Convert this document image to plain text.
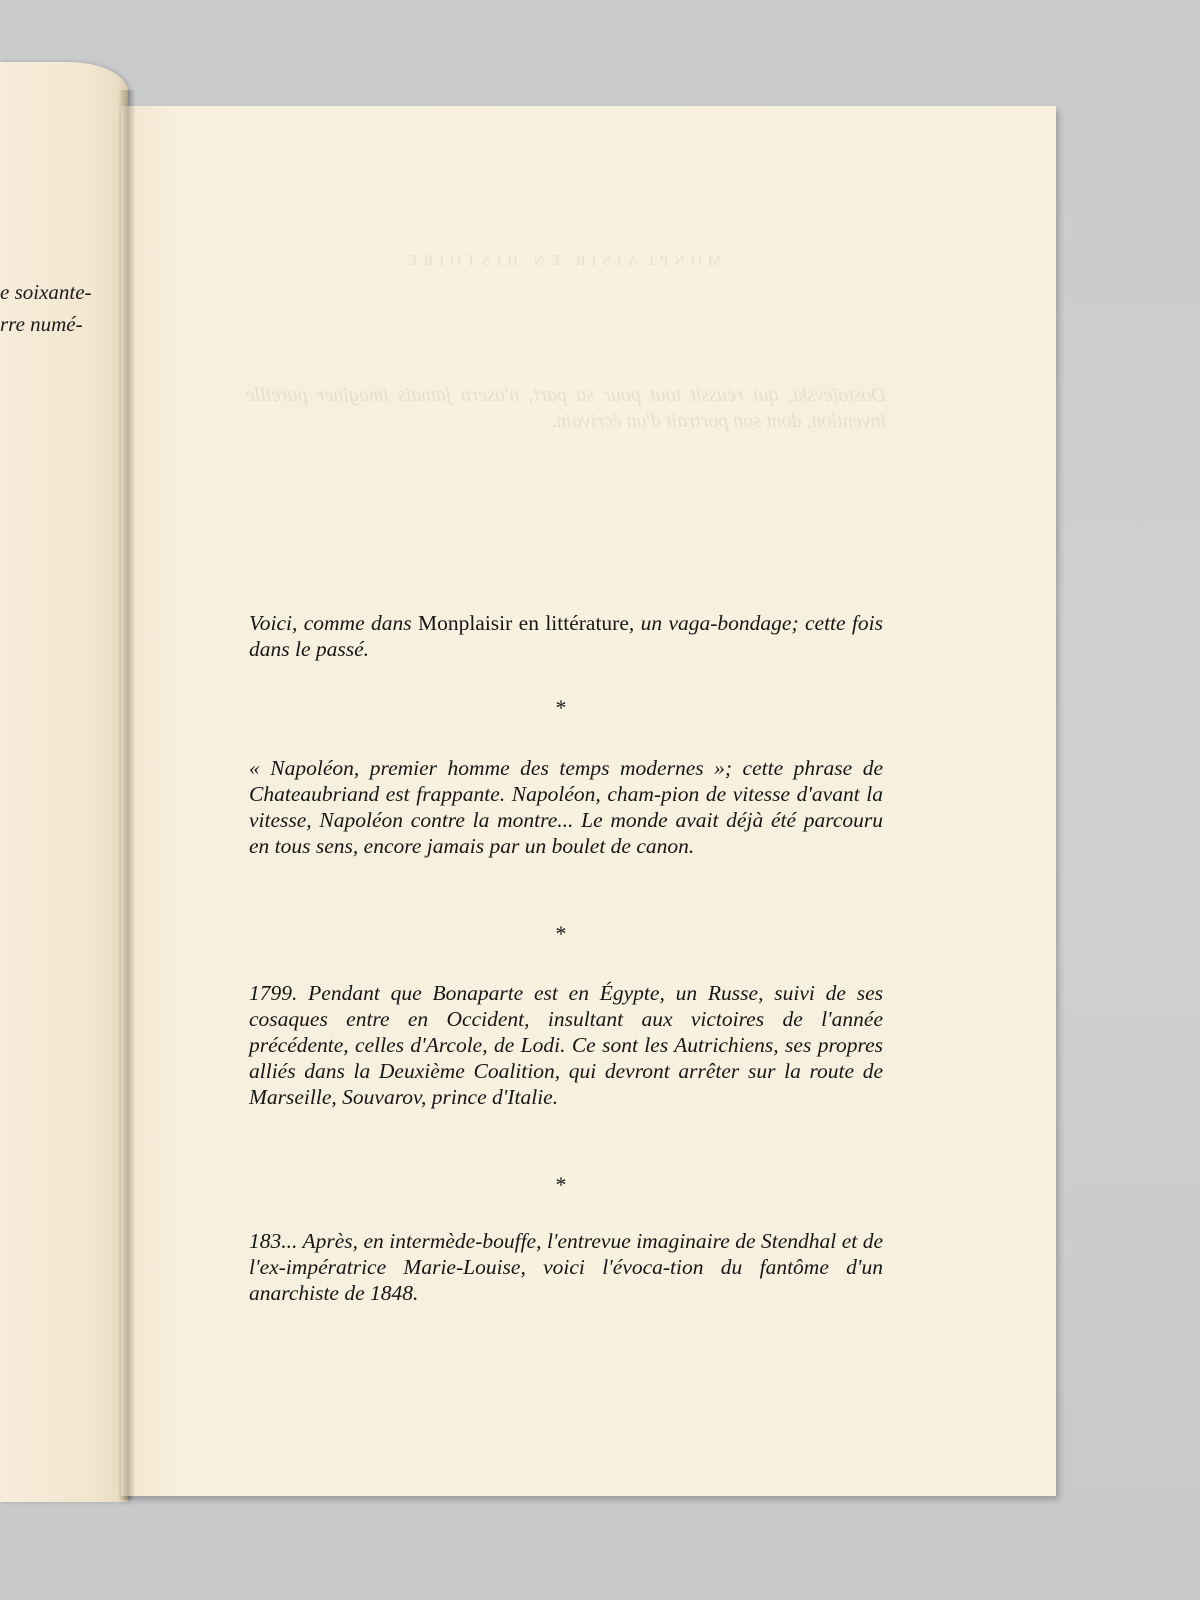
e soixante-
rre numé-
MONPLAISIR EN HISTOIRE
Dostoïevski, qui réussit tout pour sa part, n'osera jamais imaginer pareille invention, dont son portrait d'un écrivain.

Voici, comme dans Monplaisir en littérature, un vaga-bondage; cette fois dans le passé.

*

« Napoléon, premier homme des temps modernes »; cette phrase de Chateaubriand est frappante. Napoléon, cham-pion de vitesse d'avant la vitesse, Napoléon contre la montre... Le monde avait déjà été parcouru en tous sens, encore jamais par un boulet de canon.

*

1799. Pendant que Bonaparte est en Égypte, un Russe, suivi de ses cosaques entre en Occident, insultant aux victoires de l'année précédente, celles d'Arcole, de Lodi. Ce sont les Autrichiens, ses propres alliés dans la Deuxième Coalition, qui devront arrêter sur la route de Marseille, Souvarov, prince d'Italie.

*

183... Après, en intermède-bouffe, l'entrevue imaginaire de Stendhal et de l'ex-impératrice Marie-Louise, voici l'évoca-tion du fantôme d'un anarchiste de 1848.
